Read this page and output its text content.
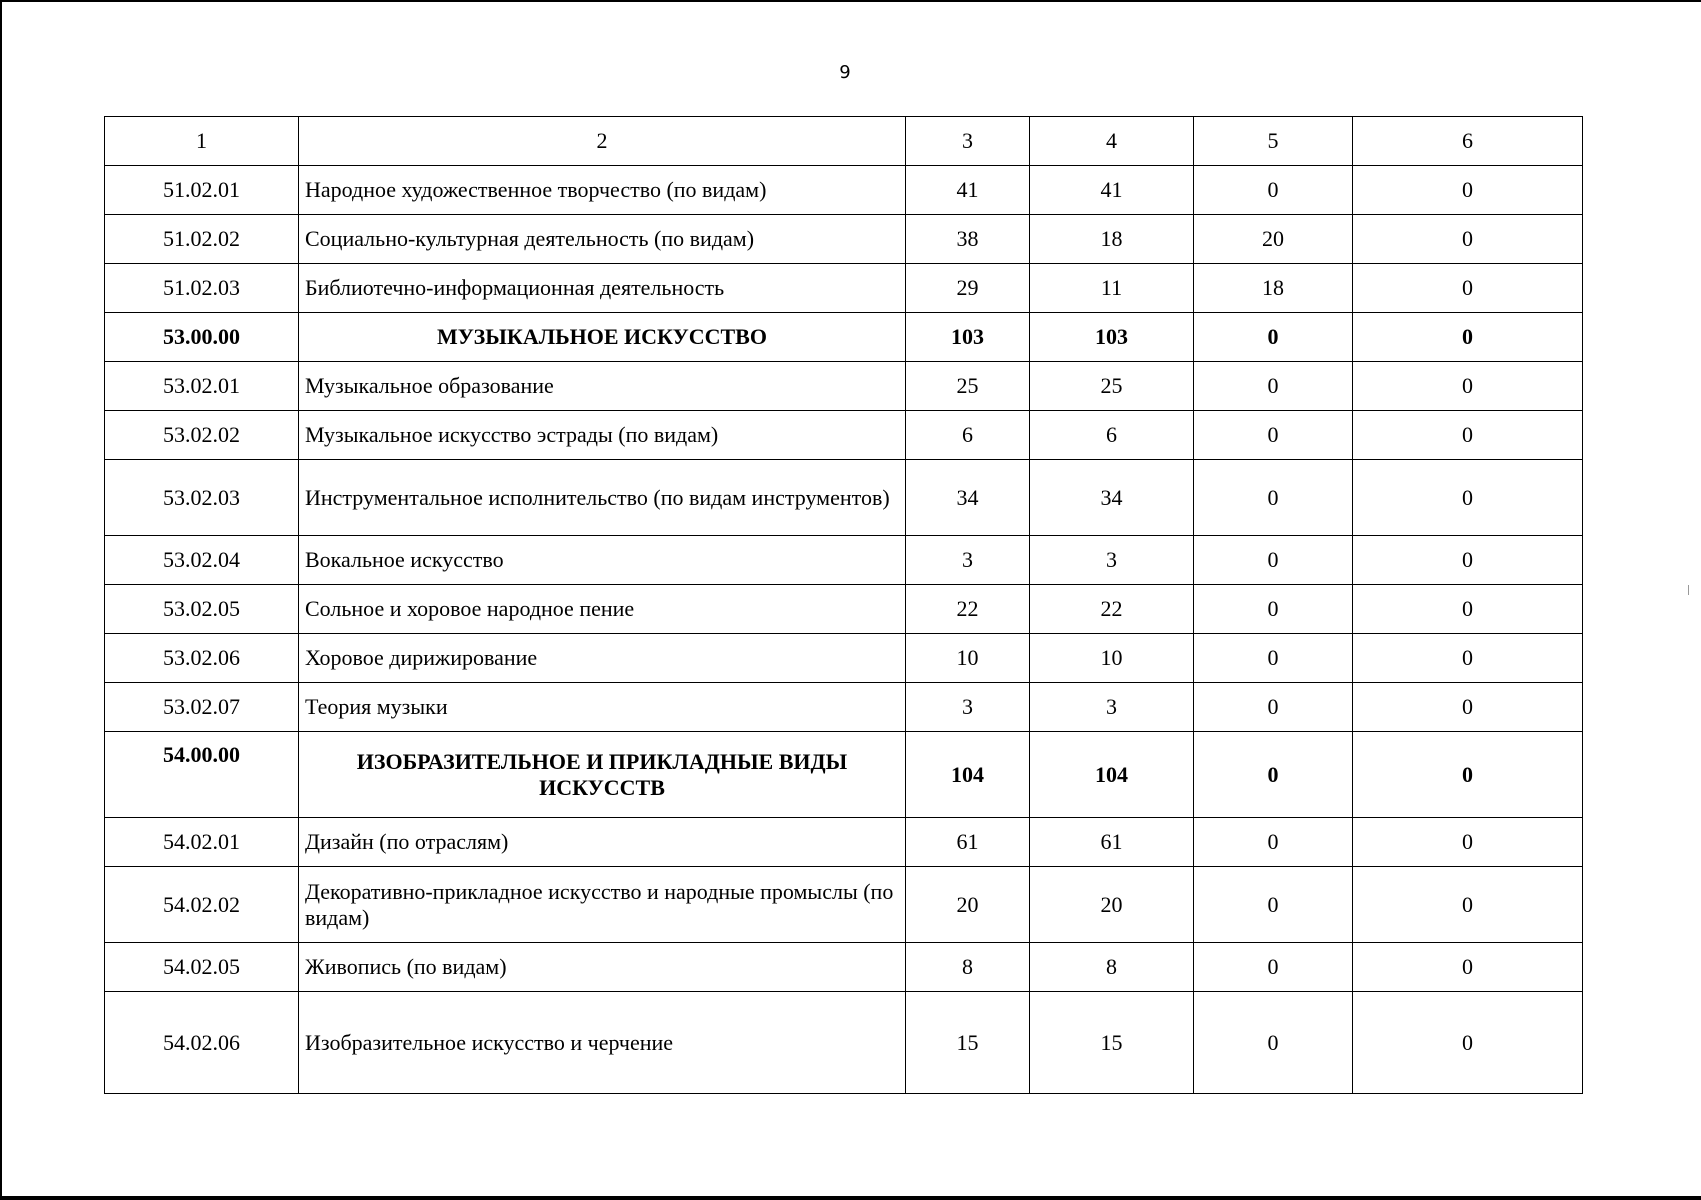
9
1	2	3	4	5	6
51.02.01	Народное художественное творчество (по видам)	41	41	0	0
51.02.02	Социально-культурная деятельность (по видам)	38	18	20	0
51.02.03	Библиотечно-информационная деятельность	29	11	18	0
53.00.00	МУЗЫКАЛЬНОЕ ИСКУССТВО	103	103	0	0
53.02.01	Музыкальное образование	25	25	0	0
53.02.02	Музыкальное искусство эстрады (по видам)	6	6	0	0
53.02.03	Инструментальное исполнительство (по видам инструментов)	34	34	0	0
53.02.04	Вокальное искусство	3	3	0	0
53.02.05	Сольное и хоровое народное пение	22	22	0	0
53.02.06	Хоровое дирижирование	10	10	0	0
53.02.07	Теория музыки	3	3	0	0
54.00.00	ИЗОБРАЗИТЕЛЬНОЕ И ПРИКЛАДНЫЕ ВИДЫ ИСКУССТВ	104	104	0	0
54.02.01	Дизайн (по отраслям)	61	61	0	0
54.02.02	Декоративно-прикладное искусство и народные промыслы (по видам)	20	20	0	0
54.02.05	Живопись (по видам)	8	8	0	0
54.02.06	Изобразительное искусство и черчение	15	15	0	0
